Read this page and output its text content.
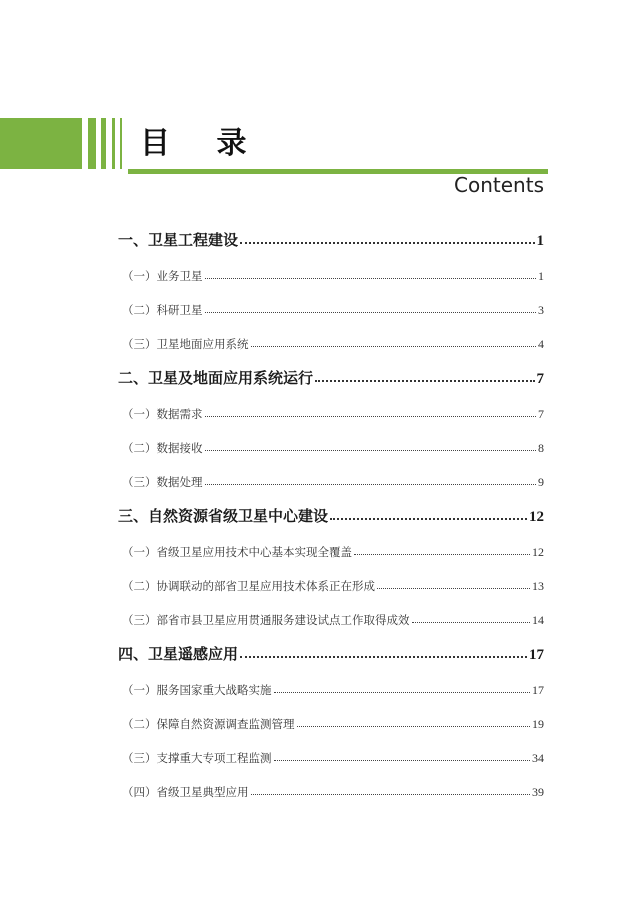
目 录
Contents
一、卫星工程建设	1
（一）业务卫星	1
（二）科研卫星	3
（三）卫星地面应用系统	4
二、卫星及地面应用系统运行	7
（一）数据需求	7
（二）数据接收	8
（三）数据处理	9
三、自然资源省级卫星中心建设	12
（一）省级卫星应用技术中心基本实现全覆盖	12
（二）协调联动的部省卫星应用技术体系正在形成	13
（三）部省市县卫星应用贯通服务建设试点工作取得成效	14
四、卫星遥感应用	17
（一）服务国家重大战略实施	17
（二）保障自然资源调查监测管理	19
（三）支撑重大专项工程监测	34
（四）省级卫星典型应用	39
